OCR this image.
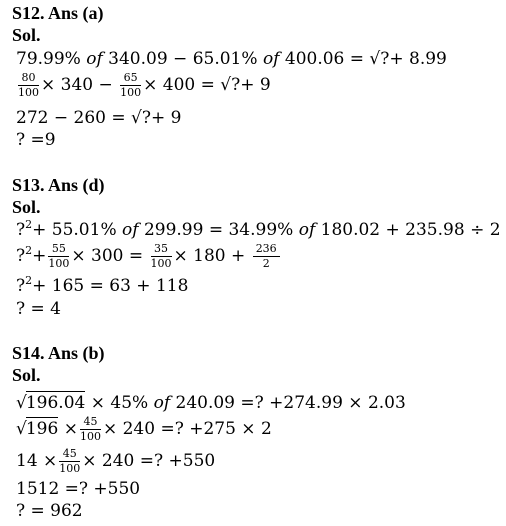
S12. Ans (a)
Sol.
79.99% of 340.09 − 65.01% of 400.06 = √?+ 8.99
$\frac{80}{100} \times 340 - \frac{65}{100} \times 400$ = √?+ 9
272 − 260 = √?+ 9
? =9
S13. Ans (d)
Sol.
?$^2$+ 55.01% of 299.99 = 34.99% of 180.02 + 235.98 ÷ 2
?$^2$+ $\frac{55}{100} \times 300 = \frac{35}{100} \times 180 + \frac{236}{2}$
?$^2$+ 165 = 63 + 118
? = 4
S14. Ans (b)
Sol.
√196.04 × 45% of 240.09 =? +274.99 × 2.03
$√196 \times \frac{45}{100} \times 240$ =? +275 × 2
$14 \times \frac{45}{100} \times 240$ =? +550
1512 =? +550
? = 962
